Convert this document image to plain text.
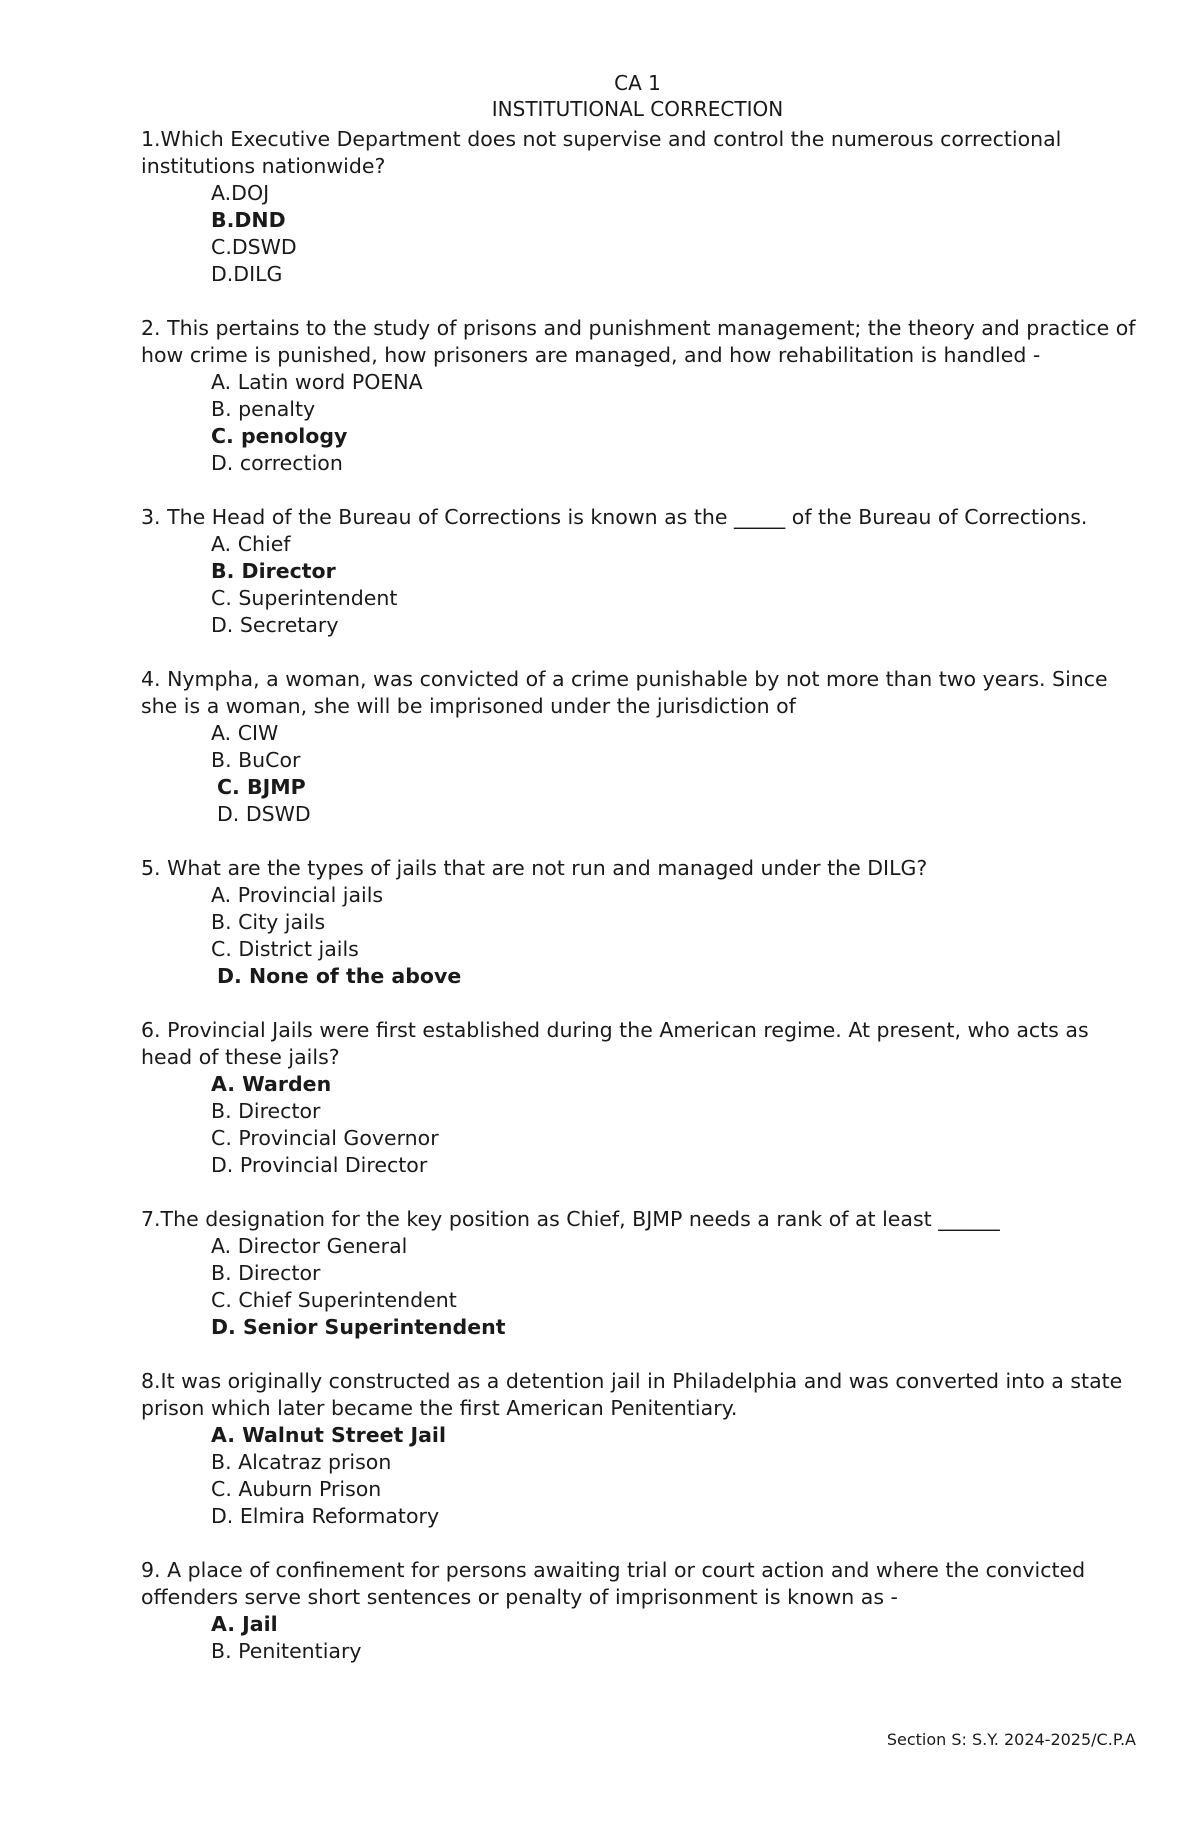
CA 1
INSTITUTIONAL CORRECTION

1.Which Executive Department does not supervise and control the numerous correctional institutions nationwide?

A.DOJ
B.DND
C.DSWD
D.DILG

2. This pertains to the study of prisons and punishment management; the theory and practice of how crime is punished, how prisoners are managed, and how rehabilitation is handled -

A. Latin word POENA
B. penalty
C. penology
D. correction

3. The Head of the Bureau of Corrections is known as the _____ of the Bureau of Corrections.

A. Chief
B. Director
C. Superintendent
D. Secretary

4. Nympha, a woman, was convicted of a crime punishable by not more than two years. Since she is a woman, she will be imprisoned under the jurisdiction of

A. CIW
B. BuCor
C. BJMP
D. DSWD

5. What are the types of jails that are not run and managed under the DILG?

A. Provincial jails
B. City jails
C. District jails
D. None of the above

6. Provincial Jails were first established during the American regime. At present, who acts as head of these jails?

A. Warden
B. Director
C. Provincial Governor
D. Provincial Director

7.The designation for the key position as Chief, BJMP needs a rank of at least ______

A. Director General
B. Director
C. Chief Superintendent
D. Senior Superintendent

8.It was originally constructed as a detention jail in Philadelphia and was converted into a state prison which later became the first American Penitentiary.

A. Walnut Street Jail
B. Alcatraz prison
C. Auburn Prison
D. Elmira Reformatory

9. A place of confinement for persons awaiting trial or court action and where the convicted offenders serve short sentences or penalty of imprisonment is known as -

A. Jail
B. Penitentiary
Section S: S.Y. 2024-2025/C.P.A
